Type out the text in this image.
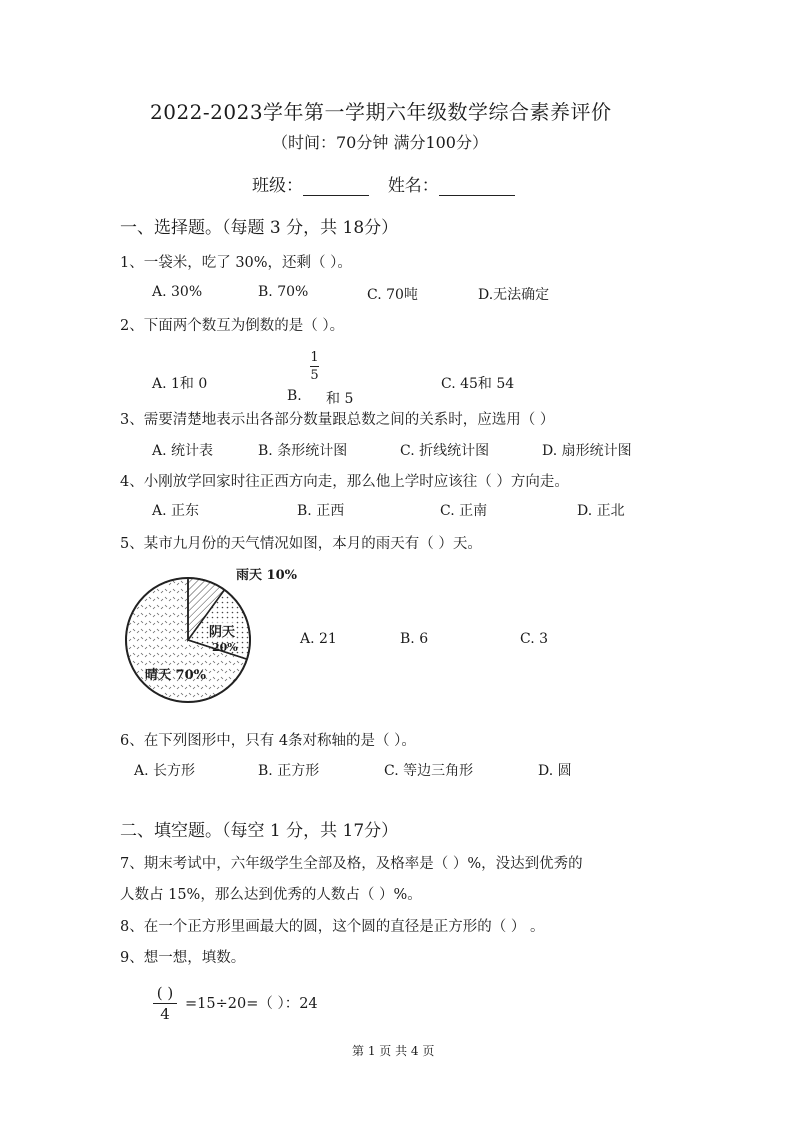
2022-2023学年第一学期六年级数学综合素养评价
（时间：70分钟 满分100分）
班级：	姓名：
一、选择题。（每题 3 分，共 18分）
1、一袋米，吃了 30%，还剩（ ）。
A. 30%	B. 70%	C. 70吨	D.无法确定
2、下面两个数互为倒数的是（ ）。
A. 1和 0
$\frac{1}{5}$
B. 和 5
C. 45和 54
3、需要清楚地表示出各部分数量跟总数之间的关系时，应选用（ ）
A. 统计表	B. 条形统计图	C. 折线统计图	D. 扇形统计图
4、小刚放学回家时往正西方向走，那么他上学时应该往（ ）方向走。
A. 正东	B. 正西	C. 正南	D. 正北
5、某市九月份的天气情况如图，本月的雨天有（ ）天。
雨天 10%
阴天
20%
晴天 70%
A. 21	B. 6	C. 3
6、在下列图形中，只有 4条对称轴的是（ ）。
A. 长方形	B. 正方形	C. 等边三角形	D. 圆
二、填空题。（每空 1 分，共 17分）
7、期末考试中，六年级学生全部及格，及格率是（ ）%，没达到优秀的
人数占 15%，那么达到优秀的人数占（ ）%。
8、在一个正方形里画最大的圆，这个圆的直径是正方形的（ ） 。
9、想一想，填数。
( )
4
=15÷20=（ ）：24
第 1 页 共 4 页
